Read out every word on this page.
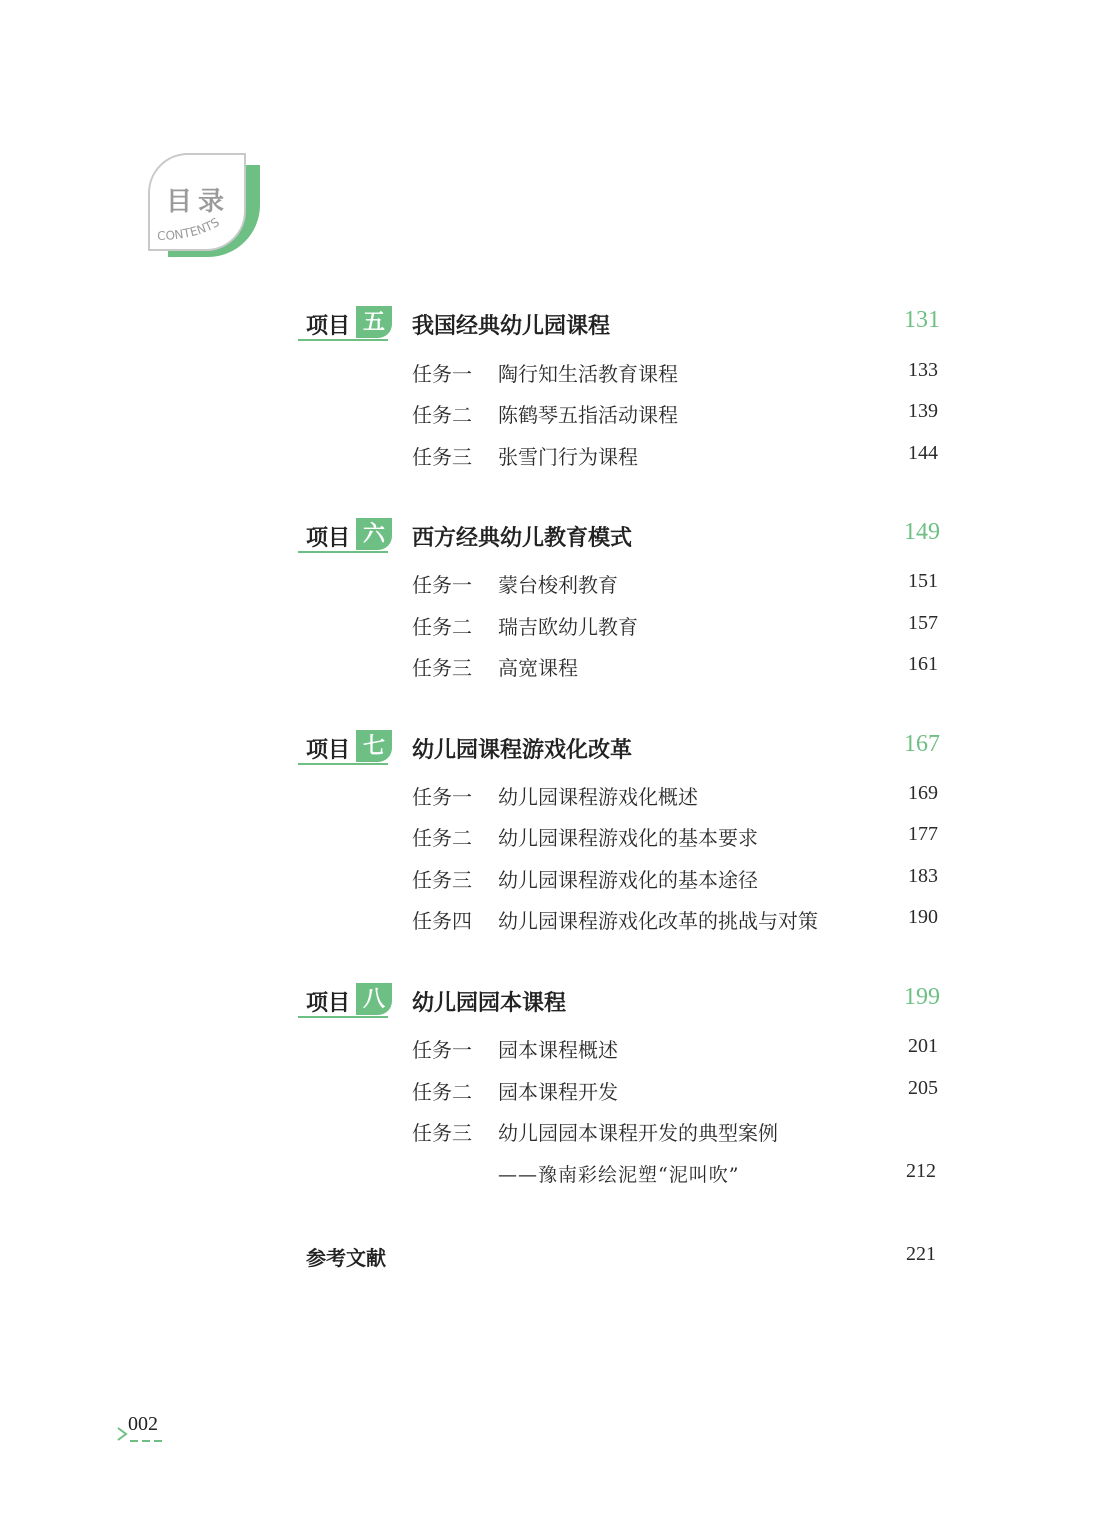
目录
CONTENTS
项目 五	我国经典幼儿园课程	131
任务一 陶行知生活教育课程	133
任务二 陈鹤琴五指活动课程	139
任务三 张雪门行为课程	144
项目 六	西方经典幼儿教育模式	149
任务一 蒙台梭利教育	151
任务二 瑞吉欧幼儿教育	157
任务三 高宽课程	161
项目 七	幼儿园课程游戏化改革	167
任务一 幼儿园课程游戏化概述	169
任务二 幼儿园课程游戏化的基本要求	177
任务三 幼儿园课程游戏化的基本途径	183
任务四 幼儿园课程游戏化改革的挑战与对策	190
项目 八	幼儿园园本课程	199
任务一 园本课程概述	201
任务二 园本课程开发	205
任务三 幼儿园园本课程开发的典型案例
——豫南彩绘泥塑“泥叫吹”	212
参考文献	221
002
